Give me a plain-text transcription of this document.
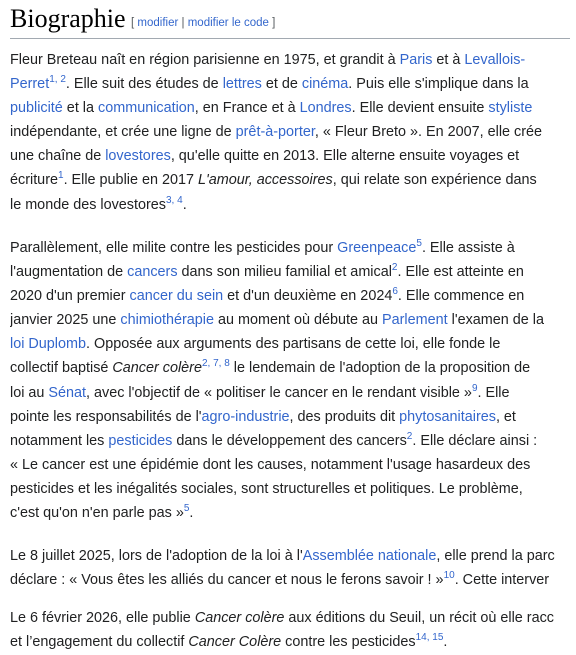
Biographie [ modifier | modifier le code ]

Fleur Breteau naît en région parisienne en 1975, et grandit à Paris et à Levallois-
Perret$^{1, 2}$. Elle suit des études de lettres et de cinéma. Puis elle s'implique dans la
publicité et la communication, en France et à Londres. Elle devient ensuite styliste
indépendante, et crée une ligne de prêt-à-porter, « Fleur Breto ». En 2007, elle crée
une chaîne de lovestores, qu'elle quitte en 2013. Elle alterne ensuite voyages et
écriture$^1$. Elle publie en 2017 L'amour, accessoires, qui relate son expérience dans
le monde des lovestores$^{3, 4}$.

Parallèlement, elle milite contre les pesticides pour Greenpeace$^5$. Elle assiste à
l'augmentation de cancers dans son milieu familial et amical$^2$. Elle est atteinte en
2020 d'un premier cancer du sein et d'un deuxième en 2024$^6$. Elle commence en
janvier 2025 une chimiothérapie au moment où débute au Parlement l'examen de la
loi Duplomb. Opposée aux arguments des partisans de cette loi, elle fonde le
collectif baptisé Cancer colère$^{2, 7, 8}$ le lendemain de l'adoption de la proposition de
loi au Sénat, avec l'objectif de « politiser le cancer en le rendant visible »$^9$. Elle
pointe les responsabilités de l'agro-industrie, des produits dit phytosanitaires, et
notamment les pesticides dans le développement des cancers$^2$. Elle déclare ainsi :
« Le cancer est une épidémie dont les causes, notamment l'usage hasardeux des
pesticides et les inégalités sociales, sont structurelles et politiques. Le problème,
c'est qu'on n'en parle pas »$^5$.

Le 8 juillet 2025, lors de l'adoption de la loi à l'Assemblée nationale, elle prend la parc
déclare : « Vous êtes les alliés du cancer et nous le ferons savoir ! »$^{10}$. Cette interver

Le 6 février 2026, elle publie Cancer colère aux éditions du Seuil, un récit où elle racc
et l’engagement du collectif Cancer Colère contre les pesticides$^{14, 15}$.
